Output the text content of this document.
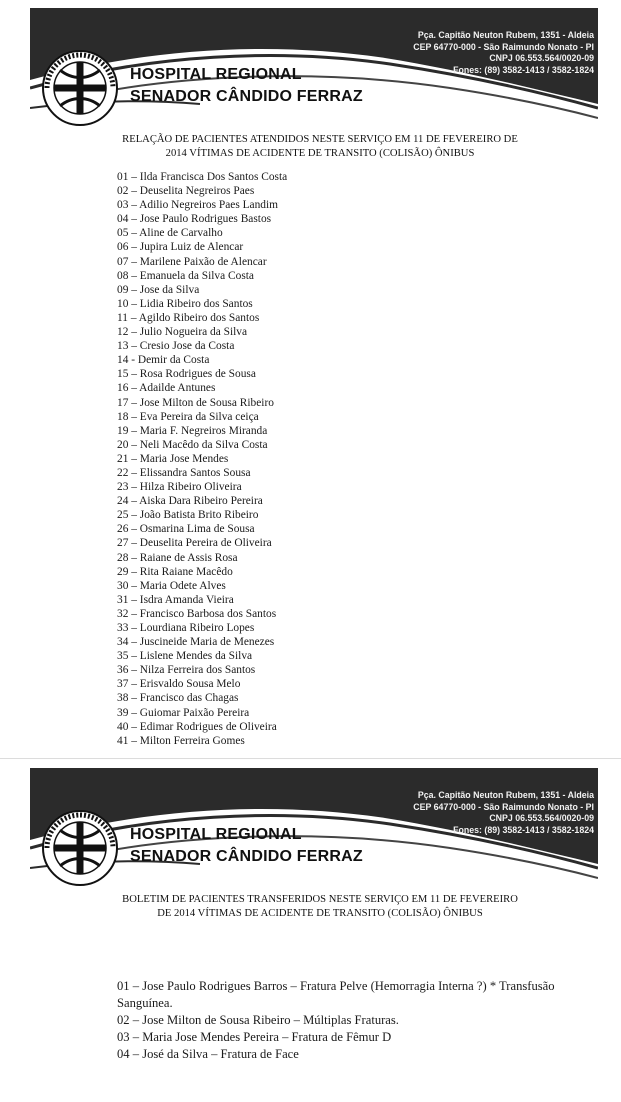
HOSPITAL REGIONAL
SENADOR CÂNDIDO FERRAZ
Pça. Capitão Neuton Rubem, 1351 - Aldeia
CEP 64770-000 - São Raimundo Nonato - PI
CNPJ 06.553.564/0020-09
Fones: (89) 3582-1413 / 3582-1824
RELAÇÃO DE PACIENTES ATENDIDOS NESTE SERVIÇO EM 11 DE FEVEREIRO DE
2014 VÍTIMAS DE ACIDENTE DE TRANSITO (COLISÃO) ÔNIBUS
01 – Ilda Francisca Dos Santos Costa
02 – Deuselita Negreiros Paes
03 – Adilio Negreiros Paes Landim
04 – Jose Paulo Rodrigues Bastos
05 – Aline de Carvalho
06 – Jupira Luiz de Alencar
07 – Marilene Paixão de Alencar
08 – Emanuela da Silva Costa
09 – Jose da Silva
10 – Lidia Ribeiro dos Santos
11 – Agildo Ribeiro dos Santos
12 – Julio Nogueira da Silva
13 – Cresio Jose da Costa
14 - Demir da Costa
15 – Rosa Rodrigues de Sousa
16 – Adailde Antunes
17 – Jose Milton de Sousa Ribeiro
18 – Eva Pereira da Silva ceiça
19 – Maria F. Negreiros Miranda
20 – Neli Macêdo da Silva Costa
21 – Maria Jose Mendes
22 – Elissandra Santos Sousa
23 – Hilza Ribeiro Oliveira
24 – Aiska Dara Ribeiro Pereira
25 – João Batista Brito Ribeiro
26 – Osmarina Lima de Sousa
27 – Deuselita Pereira de Oliveira
28 – Raiane de Assis Rosa
29 – Rita Raiane Macêdo
30 – Maria Odete Alves
31 – Isdra Amanda Vieira
32 – Francisco Barbosa dos Santos
33 – Lourdiana Ribeiro Lopes
34 – Juscineide Maria de Menezes
35 – Lislene Mendes da Silva
36 – Nilza Ferreira dos Santos
37 – Erisvaldo Sousa Melo
38 – Francisco das Chagas
39 – Guiomar Paixão Pereira
40 – Edimar Rodrigues de Oliveira
41 – Milton Ferreira Gomes
HOSPITAL REGIONAL
SENADOR CÂNDIDO FERRAZ
Pça. Capitão Neuton Rubem, 1351 - Aldeia
CEP 64770-000 - São Raimundo Nonato - PI
CNPJ 06.553.564/0020-09
Fones: (89) 3582-1413 / 3582-1824
BOLETIM DE PACIENTES TRANSFERIDOS NESTE SERVIÇO EM 11 DE FEVEREIRO
DE 2014 VÍTIMAS DE ACIDENTE DE TRANSITO (COLISÃO) ÔNIBUS
01 – Jose Paulo Rodrigues Barros – Fratura Pelve (Hemorragia Interna ?) * Transfusão Sanguínea.
02 – Jose Milton de Sousa Ribeiro – Múltiplas Fraturas.
03 – Maria Jose Mendes Pereira – Fratura de Fêmur D
04 – José da Silva – Fratura de Face
